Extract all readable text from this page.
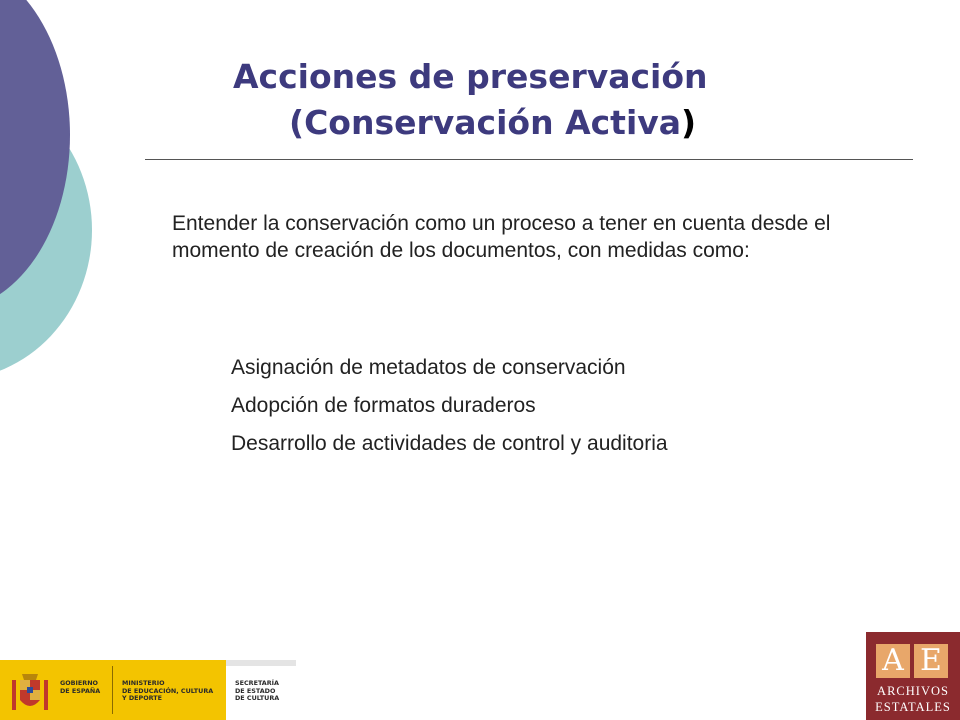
Acciones de preservación
(Conservación Activa)

Entender la conservación como un proceso a tener en cuenta desde el momento de creación de los documentos, con medidas como:

Asignación de metadatos de conservación
Adopción de formatos duraderos
Desarrollo de actividades de control y auditoria

GOBIERNO
DE ESPAÑA

MINISTERIO
DE EDUCACIÓN, CULTURA
Y DEPORTE

SECRETARÍA
DE ESTADO
DE CULTURA

A E

ARCHIVOS

ESTATALES
